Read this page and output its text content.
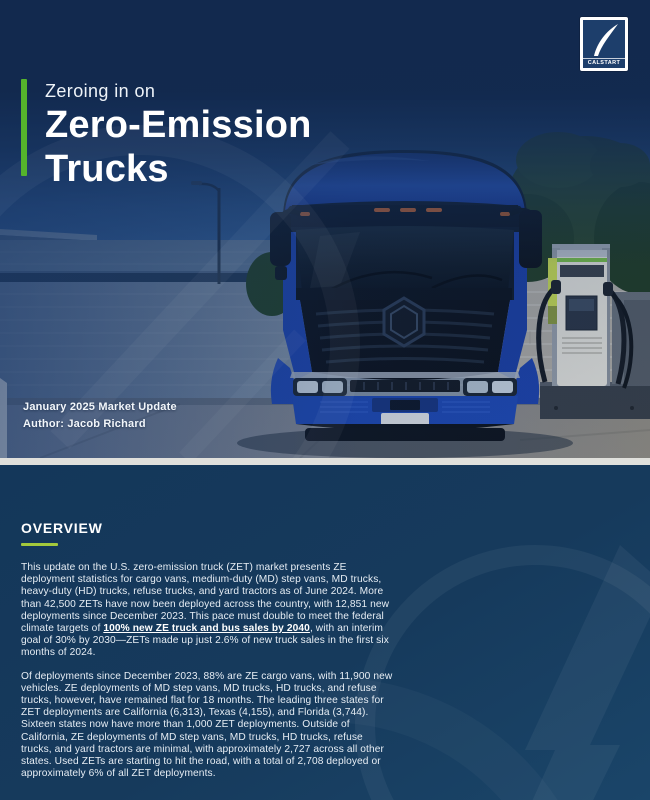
CALSTART
Zeroing in on
Zero-Emission
Trucks
January 2025 Market Update
Author: Jacob Richard
OVERVIEW

This update on the U.S. zero-emission truck (ZET) market presents ZE deployment statistics for cargo vans, medium-duty (MD) step vans, MD trucks, heavy-duty (HD) trucks, refuse trucks, and yard tractors as of June 2024. More than 42,500 ZETs have now been deployed across the country, with 12,851 new deployments since December 2023. This pace must double to meet the federal climate targets of 100% new ZE truck and bus sales by 2040, with an interim goal of 30% by 2030—ZETs made up just 2.6% of new truck sales in the first six months of 2024.

Of deployments since December 2023, 88% are ZE cargo vans, with 11,900 new vehicles. ZE deployments of MD step vans, MD trucks, HD trucks, and refuse trucks, however, have remained flat for 18 months. The leading three states for ZET deployments are California (6,313), Texas (4,155), and Florida (3,744). Sixteen states now have more than 1,000 ZET deployments. Outside of California, ZE deployments of MD step vans, MD trucks, HD trucks, refuse trucks, and yard tractors are minimal, with approximately 2,727 across all other states. Used ZETs are starting to hit the road, with a total of 2,708 deployed or approximately 6% of all ZET deployments.
